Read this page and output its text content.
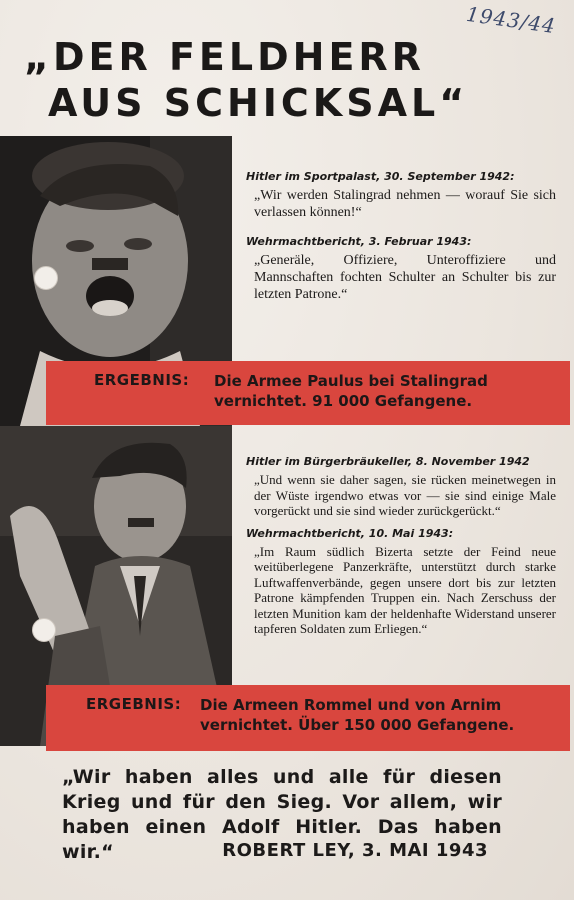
1943/44
„DER FELDHERR
AUS SCHICKSAL“

Hitler im Sportpalast, 30. September 1942:

„Wir werden Stalingrad nehmen — worauf Sie sich verlassen können!“

Wehrmachtbericht, 3. Februar 1943:

„Generäle, Offiziere, Unteroffiziere und Mannschaften fochten Schulter an Schulter bis zur letzten Patrone.“

ERGEBNIS: Die Armee Paulus bei Stalingrad vernichtet. 91 000 Gefangene.

Hitler im Bürgerbräukeller, 8. November 1942

„Und wenn sie daher sagen, sie rücken meinetwegen in der Wüste irgendwo etwas vor — sie sind einige Male vorgerückt und sie sind wieder zurückgerückt.“

Wehrmachtbericht, 10. Mai 1943:

„Im Raum südlich Bizerta setzte der Feind neue weitüberlegene Panzerkräfte, unterstützt durch starke Luftwaffenverbände, gegen unsere dort bis zur letzten Patrone kämpfenden Truppen ein. Nach Zerschuss der letzten Munition kam der heldenhafte Widerstand unserer tapferen Soldaten zum Erliegen.“

ERGEBNIS: Die Armeen Rommel und von Arnim vernichtet. Über 150 000 Gefangene.
„Wir haben alles und alle für diesen Krieg und für den Sieg. Vor allem, wir haben einen Adolf Hitler. Das haben wir.“	ROBERT LEY, 3. MAI 1943
